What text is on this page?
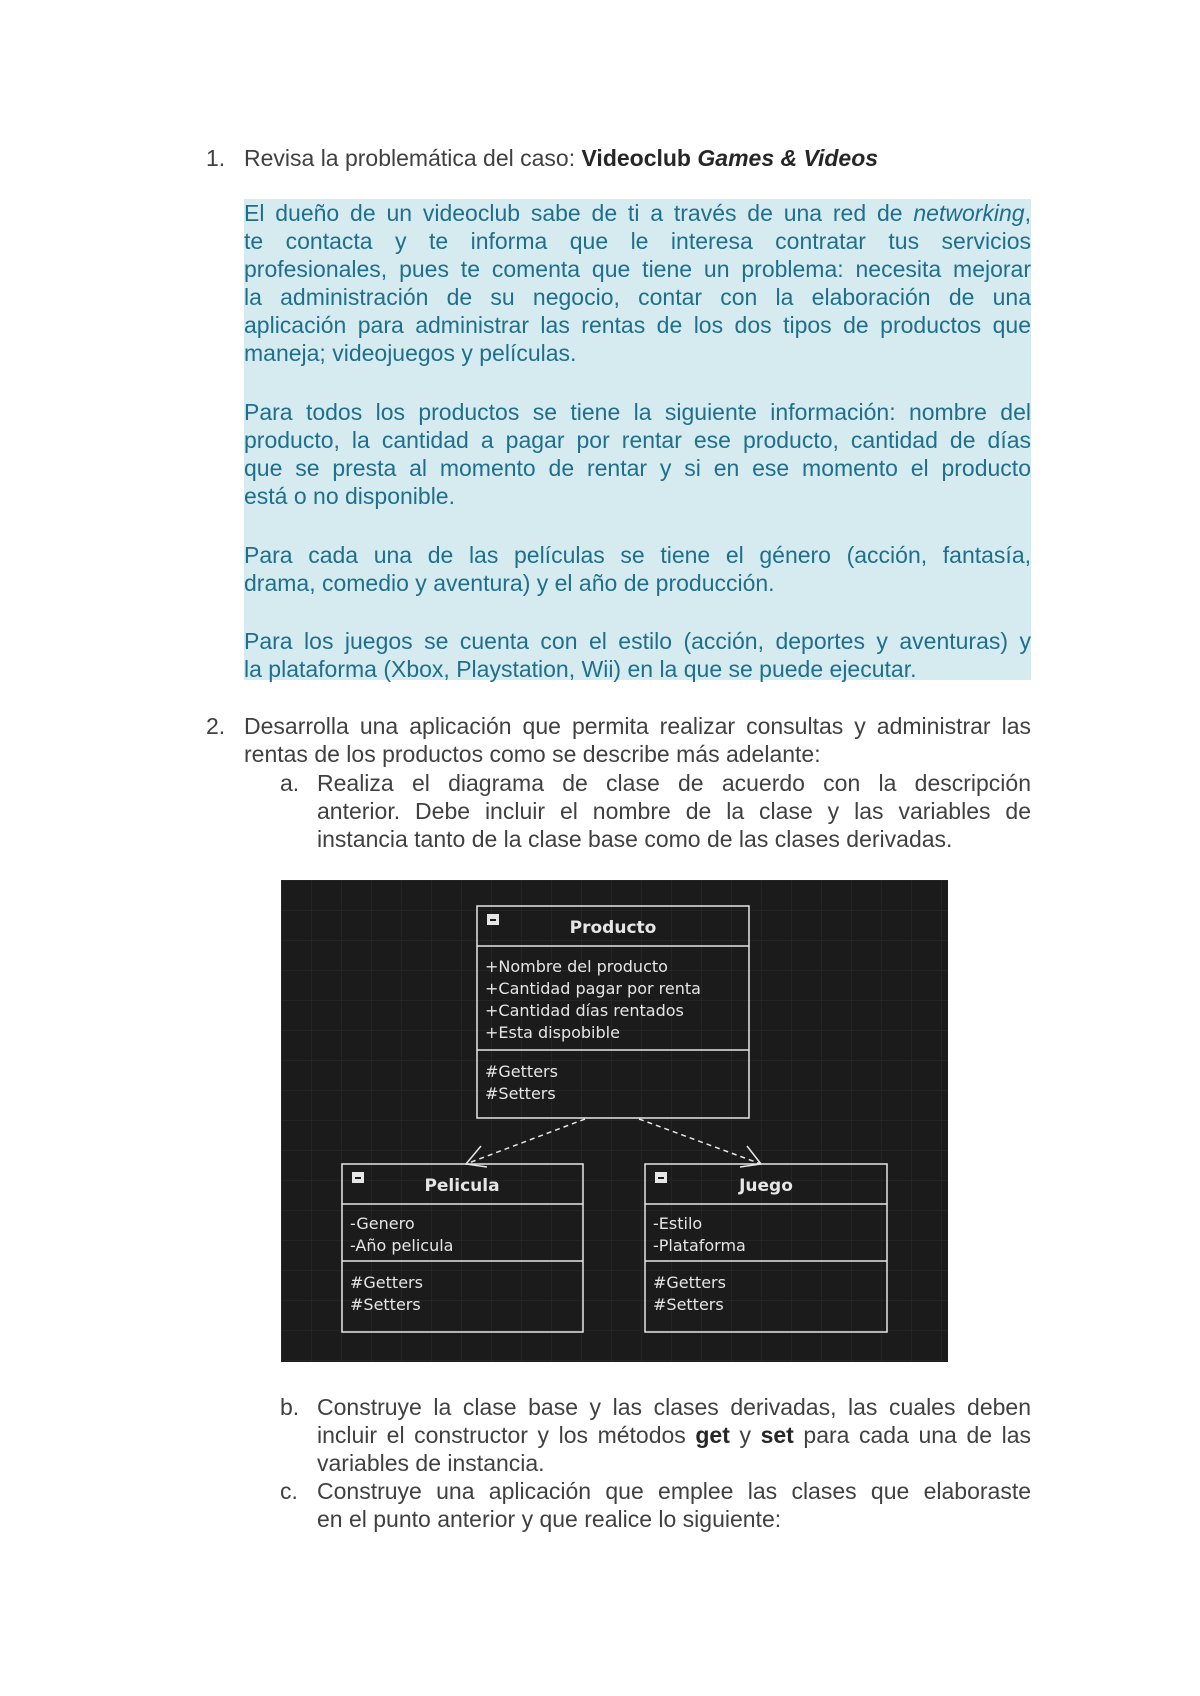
1. Revisa la problemática del caso: Videoclub Games & Videos
El dueño de un videoclub sabe de ti a través de una red de networking,
te contacta y te informa que le interesa contratar tus servicios
profesionales, pues te comenta que tiene un problema: necesita mejorar
la administración de su negocio, contar con la elaboración de una
aplicación para administrar las rentas de los dos tipos de productos que
maneja; videojuegos y películas.
Para todos los productos se tiene la siguiente información: nombre del
producto, la cantidad a pagar por rentar ese producto, cantidad de días
que se presta al momento de rentar y si en ese momento el producto
está o no disponible.
Para cada una de las películas se tiene el género (acción, fantasía,
drama, comedio y aventura) y el año de producción.
Para los juegos se cuenta con el estilo (acción, deportes y aventuras) y
la plataforma (Xbox, Playstation, Wii) en la que se puede ejecutar.
2. Desarrolla una aplicación que permita realizar consultas y administrar las
rentas de los productos como se describe más adelante:
a. Realiza el diagrama de clase de acuerdo con la descripción
anterior. Debe incluir el nombre de la clase y las variables de
instancia tanto de la clase base como de las clases derivadas.
Producto
+Nombre del producto
+Cantidad pagar por renta
+Cantidad días rentados
+Esta dispobible
#Getters
#Setters
Pelicula
-Genero
-Año pelicula
#Getters
#Setters
Juego
-Estilo
-Plataforma
#Getters
#Setters
b. Construye la clase base y las clases derivadas, las cuales deben
incluir el constructor y los métodos get y set para cada una de las
variables de instancia.
c. Construye una aplicación que emplee las clases que elaboraste
en el punto anterior y que realice lo siguiente:
